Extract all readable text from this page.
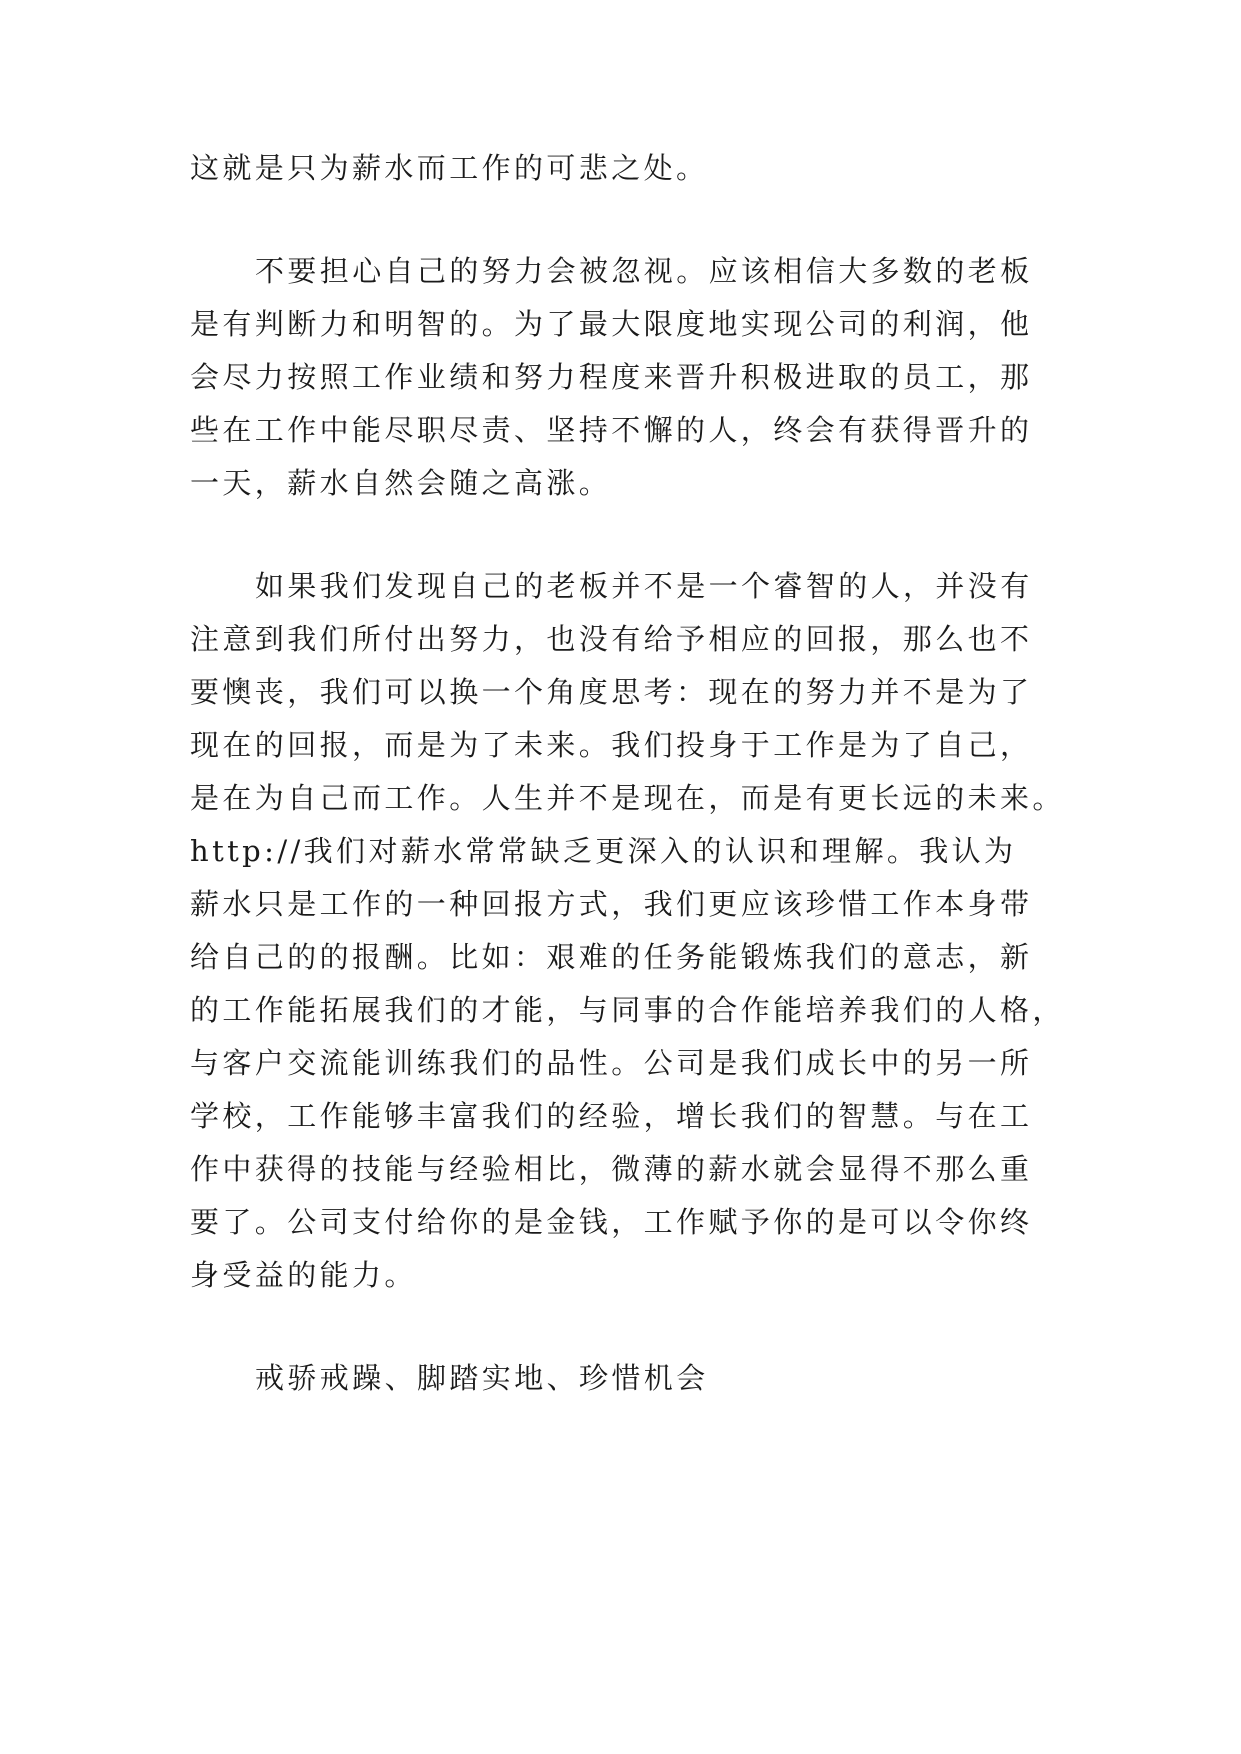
这就是只为薪水而工作的可悲之处。
不要担心自己的努力会被忽视。应该相信大多数的老板
是有判断力和明智的。为了最大限度地实现公司的利润，他
会尽力按照工作业绩和努力程度来晋升积极进取的员工，那
些在工作中能尽职尽责、坚持不懈的人，终会有获得晋升的
一天，薪水自然会随之高涨。
如果我们发现自己的老板并不是一个睿智的人，并没有
注意到我们所付出努力，也没有给予相应的回报，那么也不
要懊丧，我们可以换一个角度思考：现在的努力并不是为了
现在的回报，而是为了未来。我们投身于工作是为了自己，
是在为自己而工作。人生并不是现在，而是有更长远的未来。
http://我们对薪水常常缺乏更深入的认识和理解。我认为
薪水只是工作的一种回报方式，我们更应该珍惜工作本身带
给自己的的报酬。比如：艰难的任务能锻炼我们的意志，新
的工作能拓展我们的才能，与同事的合作能培养我们的人格，
与客户交流能训练我们的品性。公司是我们成长中的另一所
学校，工作能够丰富我们的经验，增长我们的智慧。与在工
作中获得的技能与经验相比，微薄的薪水就会显得不那么重
要了。公司支付给你的是金钱，工作赋予你的是可以令你终
身受益的能力。
戒骄戒躁、脚踏实地、珍惜机会
